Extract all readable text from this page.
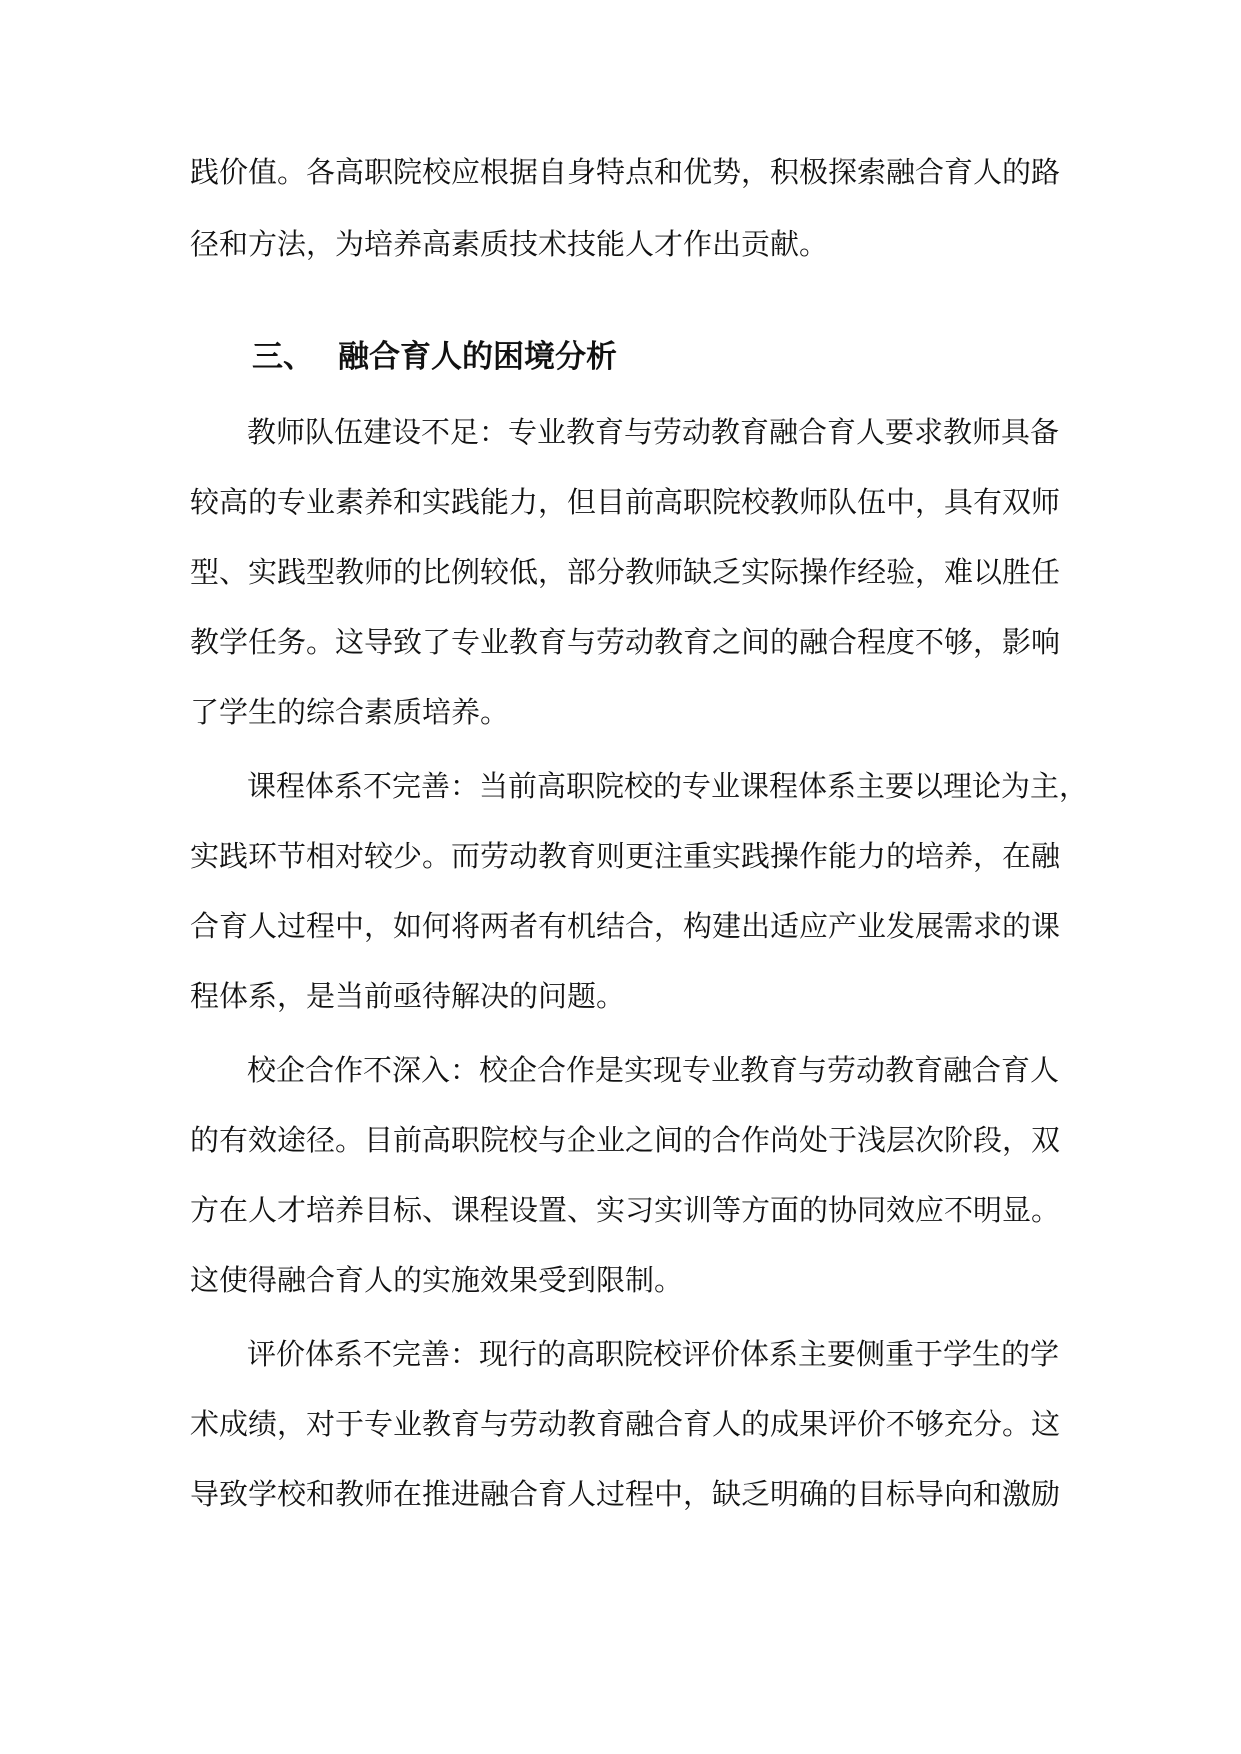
践价值。各高职院校应根据自身特点和优势，积极探索融合育人的路
径和方法，为培养高素质技术技能人才作出贡献。
三、 融合育人的困境分析
教师队伍建设不足：专业教育与劳动教育融合育人要求教师具备
较高的专业素养和实践能力，但目前高职院校教师队伍中，具有双师
型、实践型教师的比例较低，部分教师缺乏实际操作经验，难以胜任
教学任务。这导致了专业教育与劳动教育之间的融合程度不够，影响
了学生的综合素质培养。
课程体系不完善：当前高职院校的专业课程体系主要以理论为主，
实践环节相对较少。而劳动教育则更注重实践操作能力的培养，在融
合育人过程中，如何将两者有机结合，构建出适应产业发展需求的课
程体系，是当前亟待解决的问题。
校企合作不深入：校企合作是实现专业教育与劳动教育融合育人
的有效途径。目前高职院校与企业之间的合作尚处于浅层次阶段，双
方在人才培养目标、课程设置、实习实训等方面的协同效应不明显。
这使得融合育人的实施效果受到限制。
评价体系不完善：现行的高职院校评价体系主要侧重于学生的学
术成绩，对于专业教育与劳动教育融合育人的成果评价不够充分。这
导致学校和教师在推进融合育人过程中，缺乏明确的目标导向和激励
